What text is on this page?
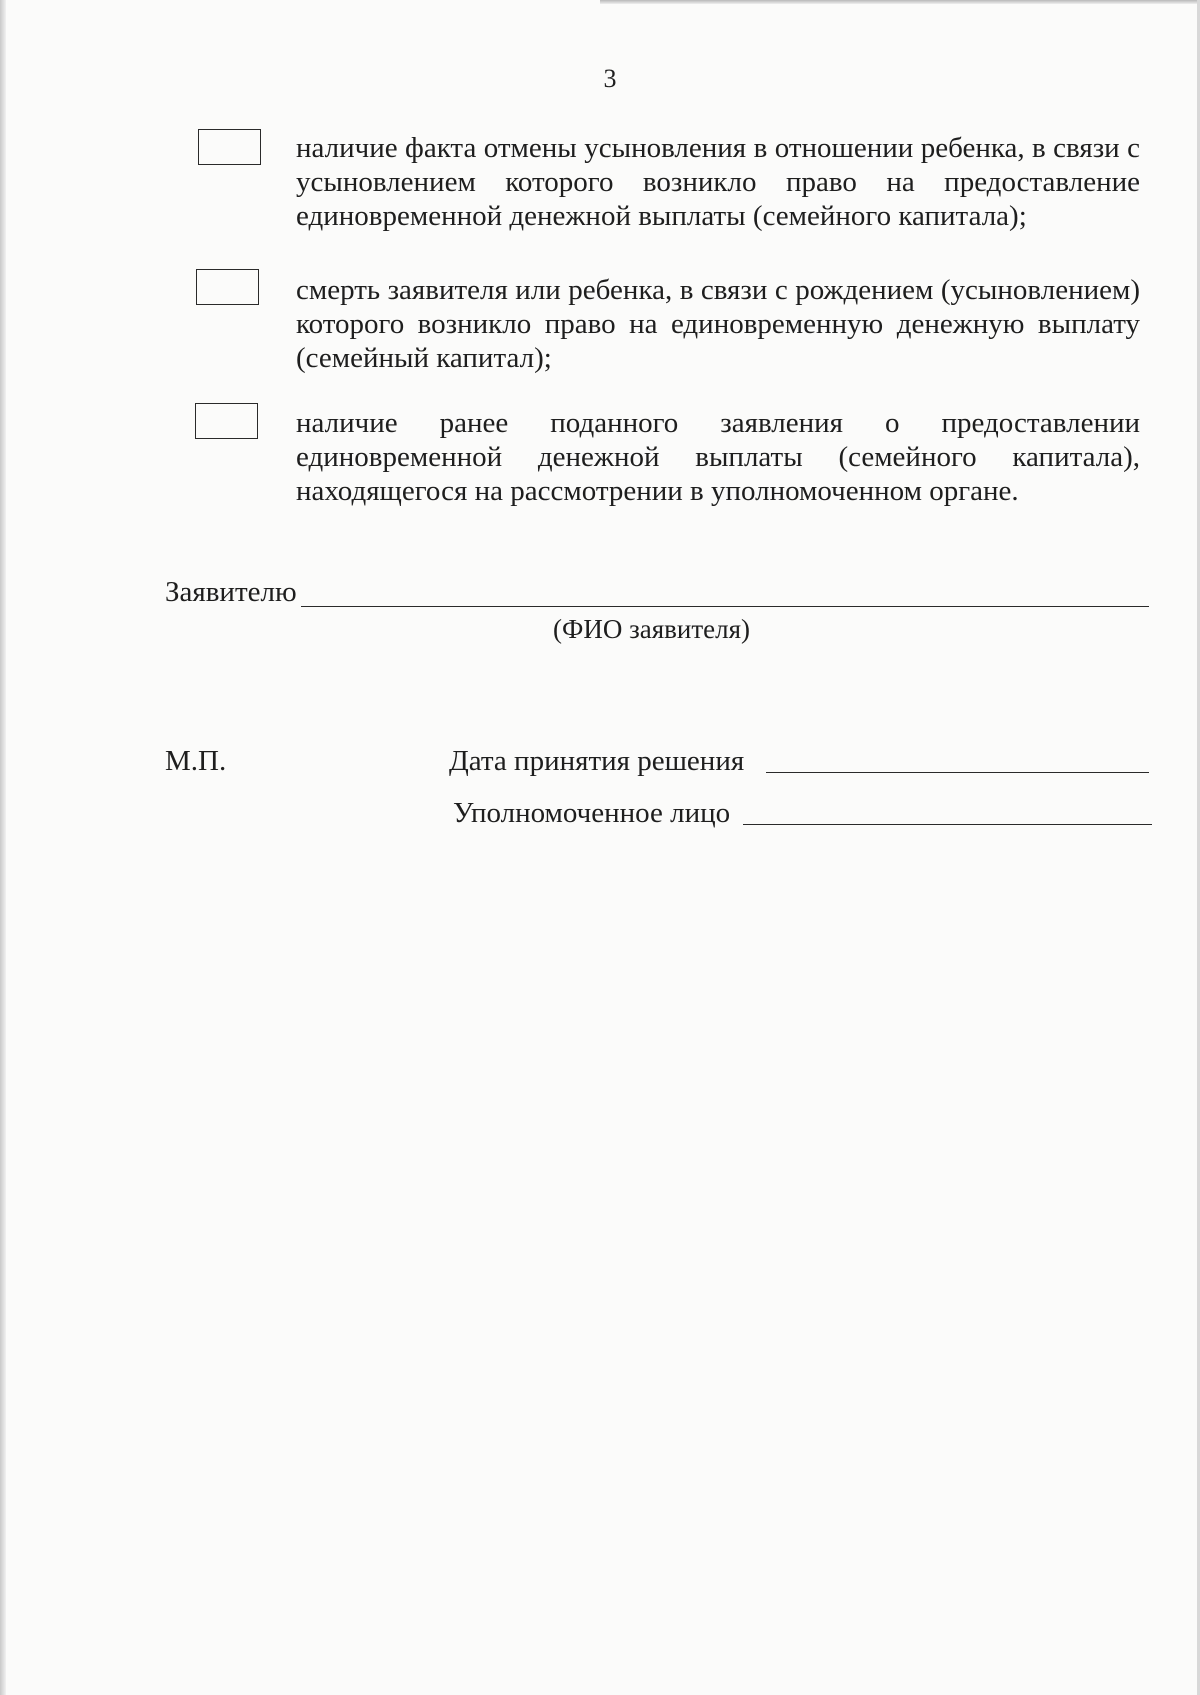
3
наличие факта отмены усыновления в отношении ребенка, в связи с
усыновлением которого возникло право на предоставление
единовременной денежной выплаты (семейного капитала);
смерть заявителя или ребенка, в связи с рождением (усыновлением)
которого возникло право на единовременную денежную выплату
(семейный капитал);
наличие ранее поданного заявления о предоставлении
единовременной денежной выплаты (семейного капитала),
находящегося на рассмотрении в уполномоченном органе.
Заявителю
(ФИО заявителя)
М.П.	Дата принятия решения
Уполномоченное лицо
